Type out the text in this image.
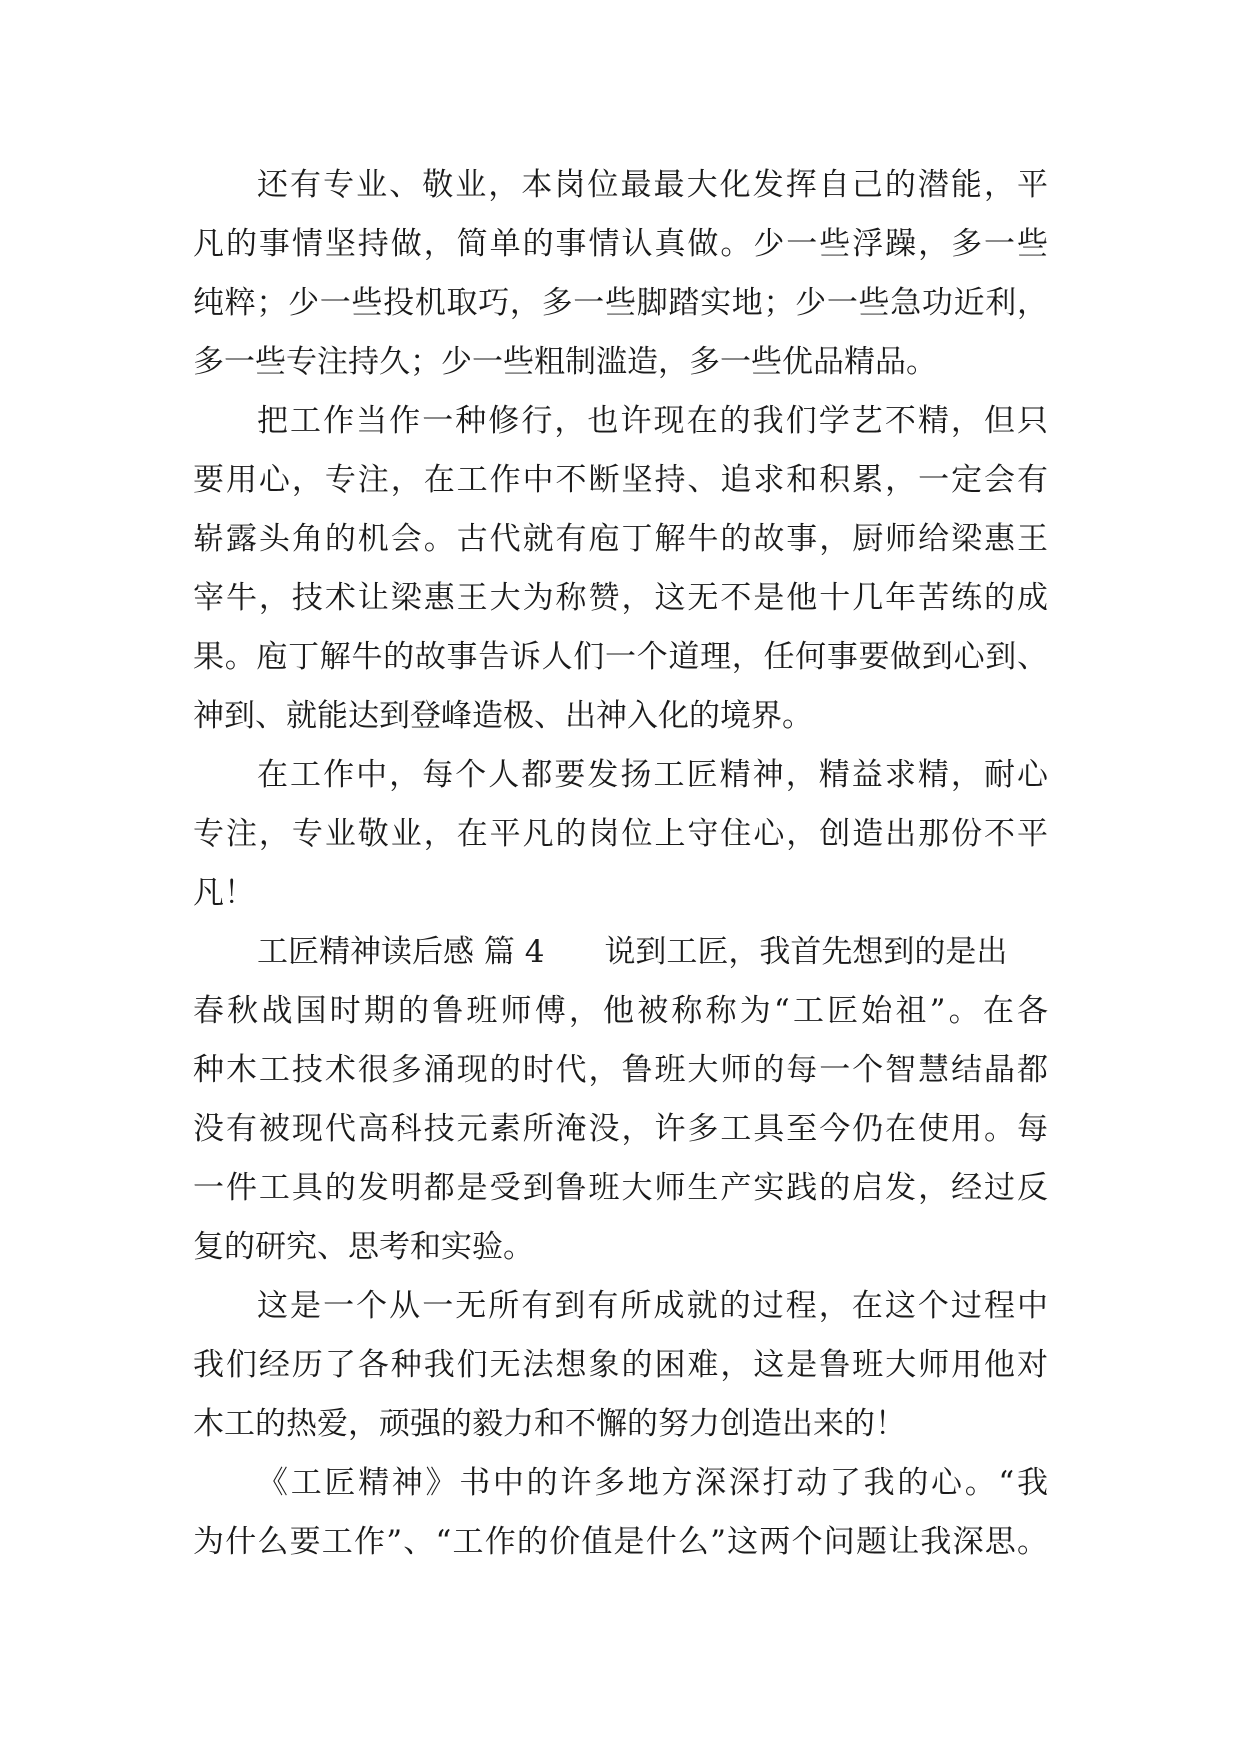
还有专业、敬业，本岗位最最大化发挥自己的潜能，平
凡的事情坚持做，简单的事情认真做。少一些浮躁，多一些
纯粹；少一些投机取巧，多一些脚踏实地；少一些急功近利，
多一些专注持久；少一些粗制滥造，多一些优品精品。
把工作当作一种修行，也许现在的我们学艺不精，但只
要用心，专注，在工作中不断坚持、追求和积累，一定会有
崭露头角的机会。古代就有庖丁解牛的故事，厨师给梁惠王
宰牛，技术让梁惠王大为称赞，这无不是他十几年苦练的成
果。庖丁解牛的故事告诉人们一个道理，任何事要做到心到、
神到、就能达到登峰造极、出神入化的境界。
在工作中，每个人都要发扬工匠精神，精益求精，耐心
专注，专业敬业，在平凡的岗位上守住心，创造出那份不平
凡！
工匠精神读后感 篇 4 说到工匠，我首先想到的是出
春秋战国时期的鲁班师傅，他被称称为“工匠始祖”。在各
种木工技术很多涌现的时代，鲁班大师的每一个智慧结晶都
没有被现代高科技元素所淹没，许多工具至今仍在使用。每
一件工具的发明都是受到鲁班大师生产实践的启发，经过反
复的研究、思考和实验。
这是一个从一无所有到有所成就的过程，在这个过程中
我们经历了各种我们无法想象的困难，这是鲁班大师用他对
木工的热爱，顽强的毅力和不懈的努力创造出来的！
《工匠精神》书中的许多地方深深打动了我的心。“我
为什么要工作”、“工作的价值是什么”这两个问题让我深思。
